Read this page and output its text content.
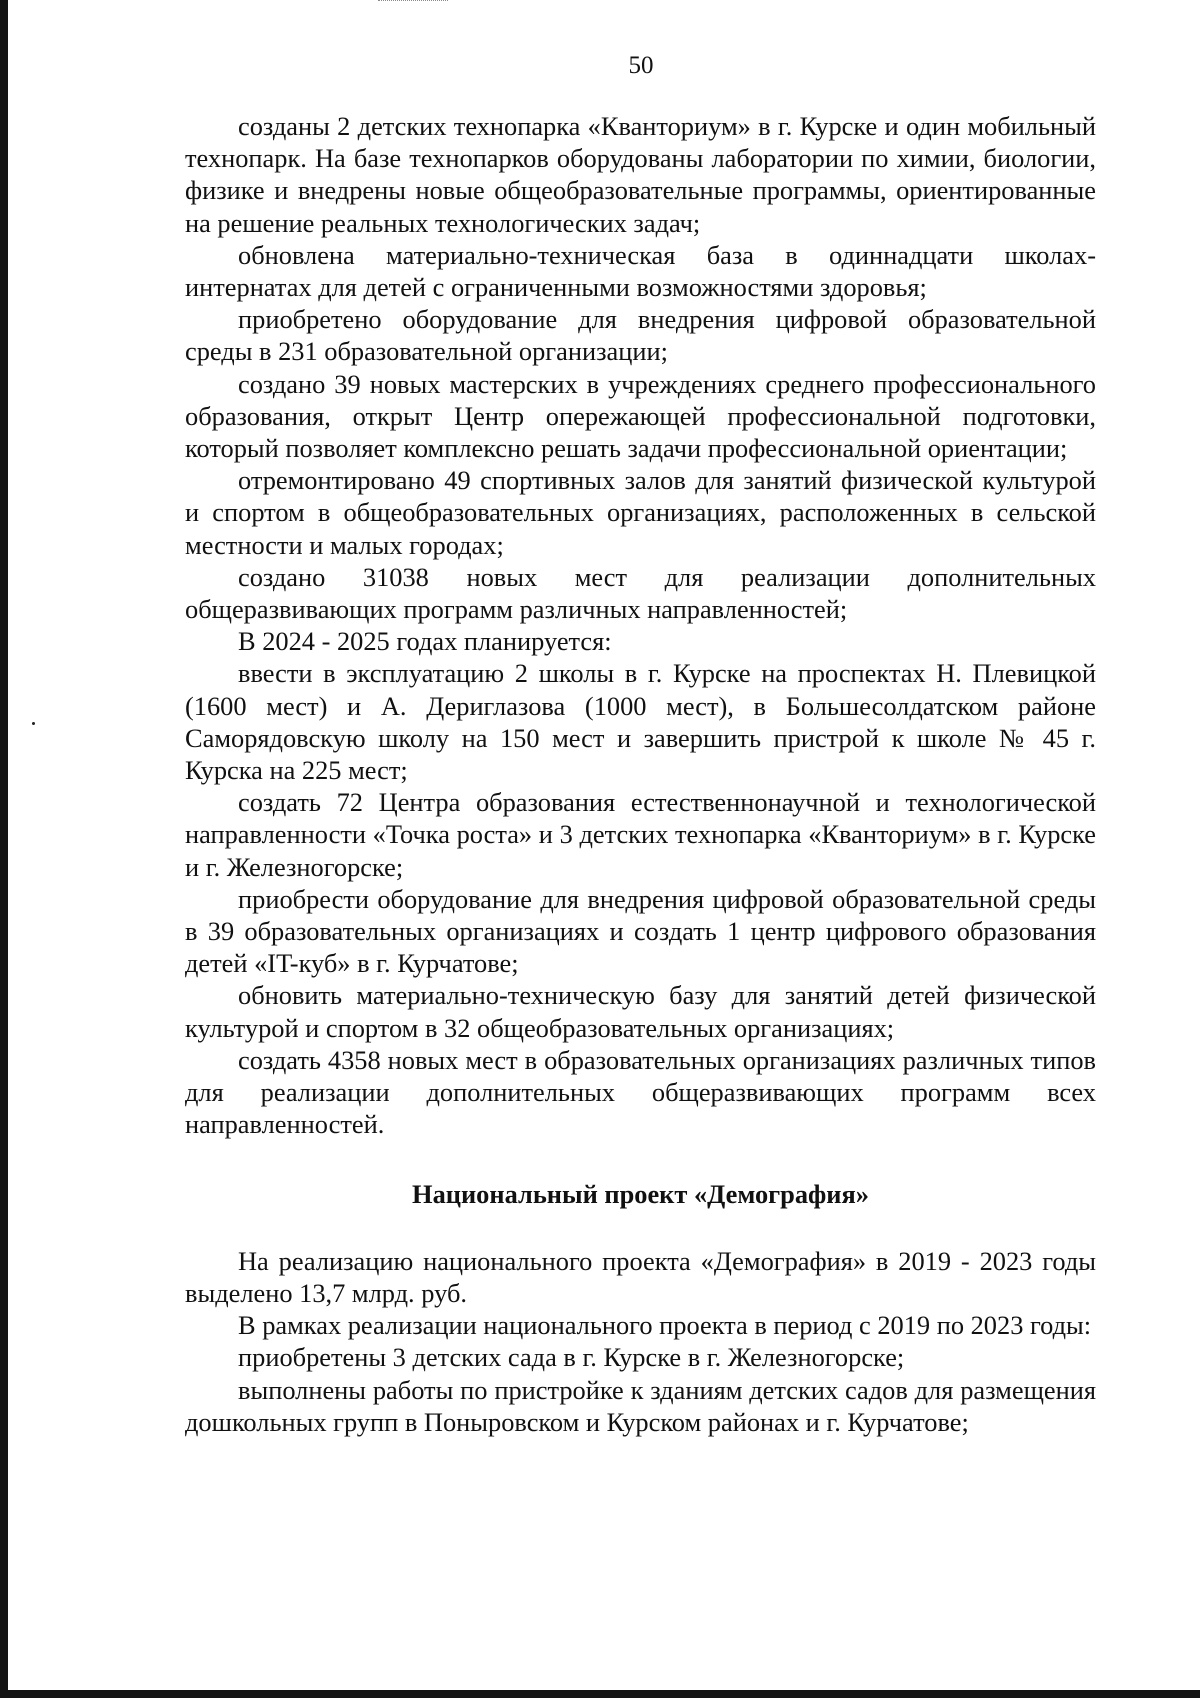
50

созданы 2 детских технопарка «Кванториум» в г. Курске и один мобильный технопарк. На базе технопарков оборудованы лаборатории по химии, биологии, физике и внедрены новые общеобразовательные программы, ориентированные на решение реальных технологических задач;

обновлена материально-техническая база в одиннадцати школах-интернатах для детей с ограниченными возможностями здоровья;

приобретено оборудование для внедрения цифровой образовательной среды в 231 образовательной организации;

создано 39 новых мастерских в учреждениях среднего профессионального образования, открыт Центр опережающей профессиональной подготовки, который позволяет комплексно решать задачи профессиональной ориентации;

отремонтировано 49 спортивных залов для занятий физической культурой и спортом в общеобразовательных организациях, расположенных в сельской местности и малых городах;

создано 31038 новых мест для реализации дополнительных общеразвивающих программ различных направленностей;

В 2024 - 2025 годах планируется:

ввести в эксплуатацию 2 школы в г. Курске на проспектах Н. Плевицкой (1600 мест) и А. Дериглазова (1000 мест), в Большесолдатском районе Саморядовскую школу на 150 мест и завершить пристрой к школе № 45 г. Курска на 225 мест;

создать 72 Центра образования естественнонаучной и технологической направленности «Точка роста» и 3 детских технопарка «Кванториум» в г. Курске и г. Железногорске;

приобрести оборудование для внедрения цифровой образовательной среды в 39 образовательных организациях и создать 1 центр цифрового образования детей «IT-куб» в г. Курчатове;

обновить материально-техническую базу для занятий детей физической культурой и спортом в 32 общеобразовательных организациях;

создать 4358 новых мест в образовательных организациях различных типов для реализации дополнительных общеразвивающих программ всех направленностей.

Национальный проект «Демография»

На реализацию национального проекта «Демография» в 2019 - 2023 годы выделено 13,7 млрд. руб.

В рамках реализации национального проекта в период с 2019 по 2023 годы:

приобретены 3 детских сада в г. Курске в г. Железногорске;

выполнены работы по пристройке к зданиям детских садов для размещения дошкольных групп в Поныровском и Курском районах и г. Курчатове;
